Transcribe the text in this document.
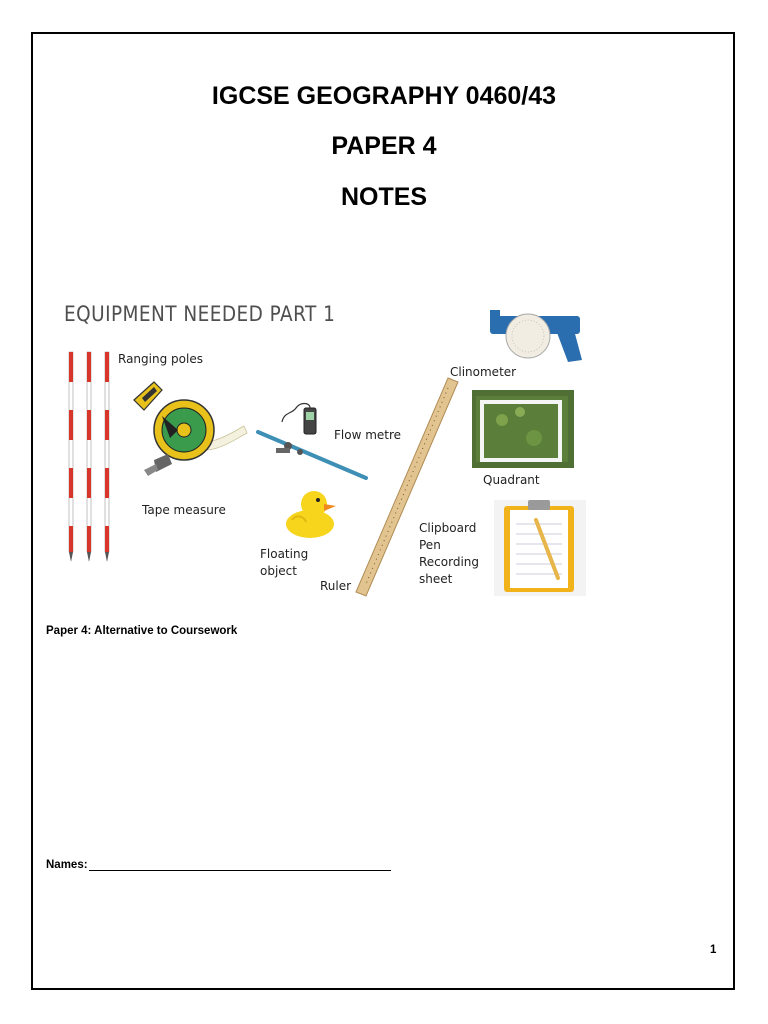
IGCSE GEOGRAPHY 0460/43
PAPER 4
NOTES
EQUIPMENT NEEDED PART 1
Ranging poles
Tape measure
Flow metre
Floating
object
Ruler
Clinometer
Quadrant
Clipboard
Pen
Recording
sheet
Paper 4: Alternative to Coursework
Names:
1
